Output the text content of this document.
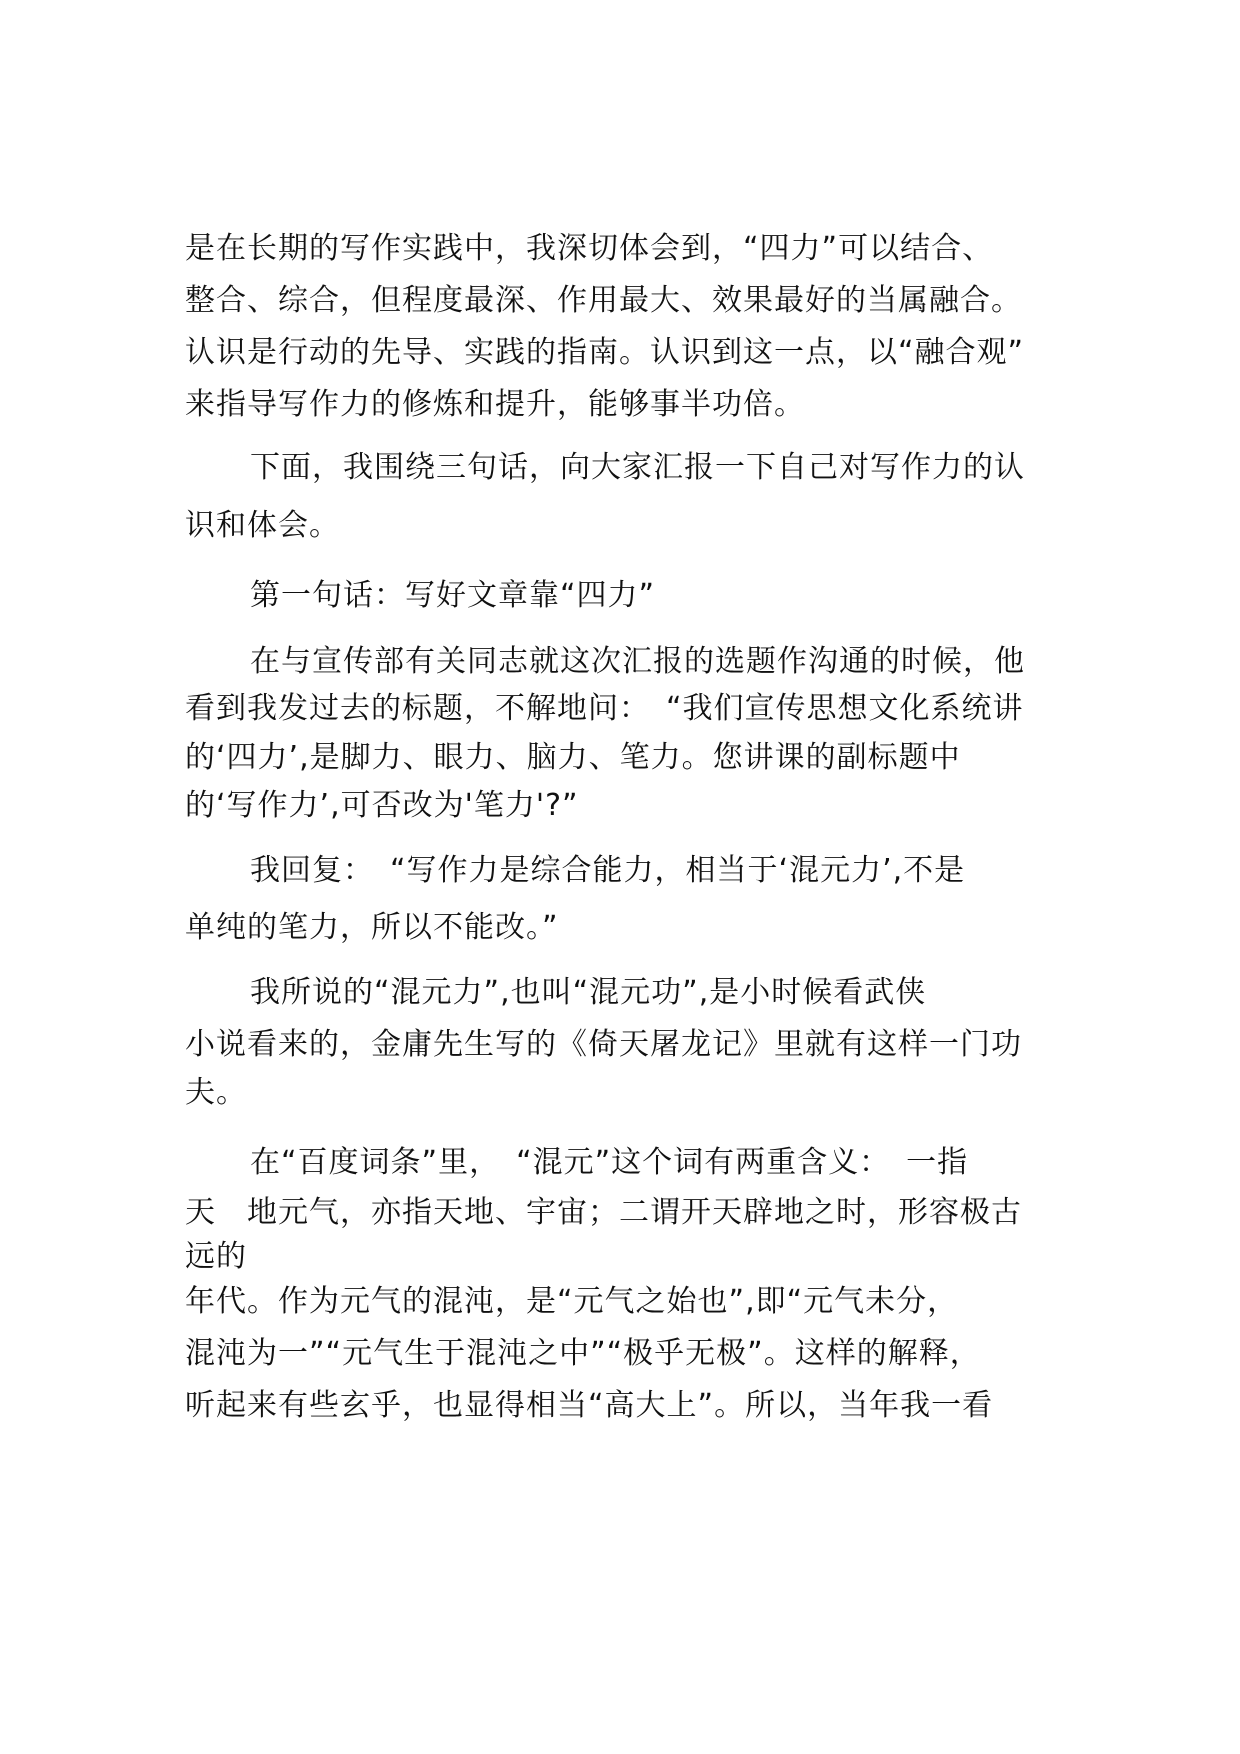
是在长期的写作实践中，我深切体会到，“四力”可以结合、
整合、综合，但程度最深、作用最大、效果最好的当属融合。
认识是行动的先导、实践的指南。认识到这一点，以“融合观”
来指导写作力的修炼和提升，能够事半功倍。
下面，我围绕三句话，向大家汇报一下自己对写作力的认
识和体会。
第一句话：写好文章靠“四力”
在与宣传部有关同志就这次汇报的选题作沟通的时候，他
看到我发过去的标题，不解地问：　“我们宣传思想文化系统讲
的‘四力’,是脚力、眼力、脑力、笔力。您讲课的副标题中
的‘写作力’,可否改为'笔力'?”
我回复：　“写作力是综合能力，相当于‘混元力’,不是
单纯的笔力，所以不能改。”
我所说的“混元力”,也叫“混元功”,是小时候看武侠
小说看来的，金庸先生写的《倚天屠龙记》里就有这样一门功
夫。
在“百度词条”里，　“混元”这个词有两重含义：　一指
天　地元气，亦指天地、宇宙；二谓开天辟地之时，形容极古
远的
年代。作为元气的混沌，是“元气之始也”,即“元气未分，
混沌为一”“元气生于混沌之中”“极乎无极”。这样的解释，
听起来有些玄乎，也显得相当“高大上”。所以，当年我一看
